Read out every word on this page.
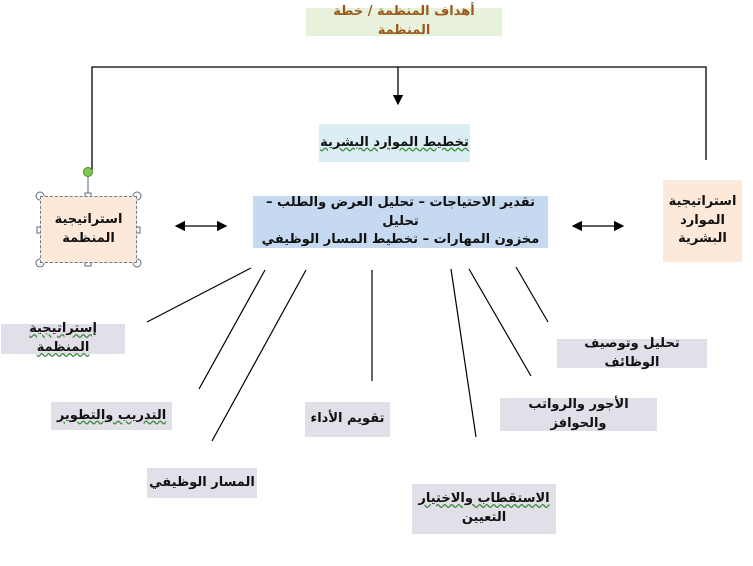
أهداف المنظمة / خطة المنظمة
تخطيط الموارد البشرية
تقدير الاحتياجات – تحليل العرض والطلب – تحليل
مخزون المهارات – تخطيط المسار الوظيفي
استراتيجية
المنظمة
استراتيجية
الموارد
البشرية
إستراتيجية المنظمة
التدريب والتطوير
المسار الوظيفي
تقويم الأداء
الاستقطاب والاختيار
التعيين
الأجور والرواتب والحوافز
تحليل وتوصيف الوظائف
